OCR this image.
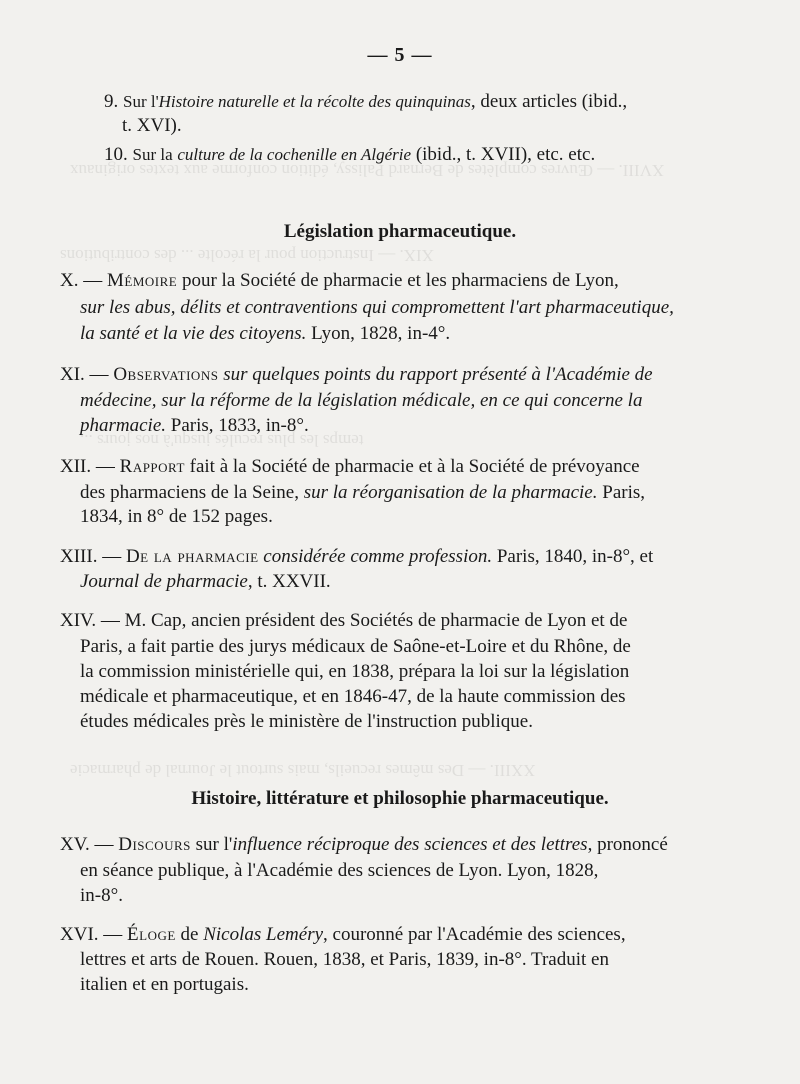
XVIII. — Œuvres complètes de Bernard Palissy, édition conforme aux textes originaux
XIX. — Instruction pour la récolte ... des contributions
temps les plus reculés jusqu'à nos jours ...
XXIII. — Des mêmes recueils, mais surtout le Journal de pharmacie
— 5 —
9. Sur l'Histoire naturelle et la récolte des quinquinas, deux articles (ibid.,
t. XVI).
10. Sur la culture de la cochenille en Algérie (ibid., t. XVII), etc. etc.
Législation pharmaceutique.
X. — Mémoire pour la Société de pharmacie et les pharmaciens de Lyon,
sur les abus, délits et contraventions qui compromettent l'art pharmaceutique,
la santé et la vie des citoyens. Lyon, 1828, in-4°.
XI. — Observations sur quelques points du rapport présenté à l'Académie de
médecine, sur la réforme de la législation médicale, en ce qui concerne la
pharmacie. Paris, 1833, in-8°.
XII. — Rapport fait à la Société de pharmacie et à la Société de prévoyance
des pharmaciens de la Seine, sur la réorganisation de la pharmacie. Paris,
1834, in 8° de 152 pages.
XIII. — De la pharmacie considérée comme profession. Paris, 1840, in-8°, et
Journal de pharmacie, t. XXVII.
XIV. — M. Cap, ancien président des Sociétés de pharmacie de Lyon et de
Paris, a fait partie des jurys médicaux de Saône-et-Loire et du Rhône, de
la commission ministérielle qui, en 1838, prépara la loi sur la législation
médicale et pharmaceutique, et en 1846-47, de la haute commission des
études médicales près le ministère de l'instruction publique.
Histoire, littérature et philosophie pharmaceutique.
XV. — Discours sur l'influence réciproque des sciences et des lettres, prononcé
en séance publique, à l'Académie des sciences de Lyon. Lyon, 1828,
in-8°.
XVI. — Éloge de Nicolas Leméry, couronné par l'Académie des sciences,
lettres et arts de Rouen. Rouen, 1838, et Paris, 1839, in-8°. Traduit en
italien et en portugais.
